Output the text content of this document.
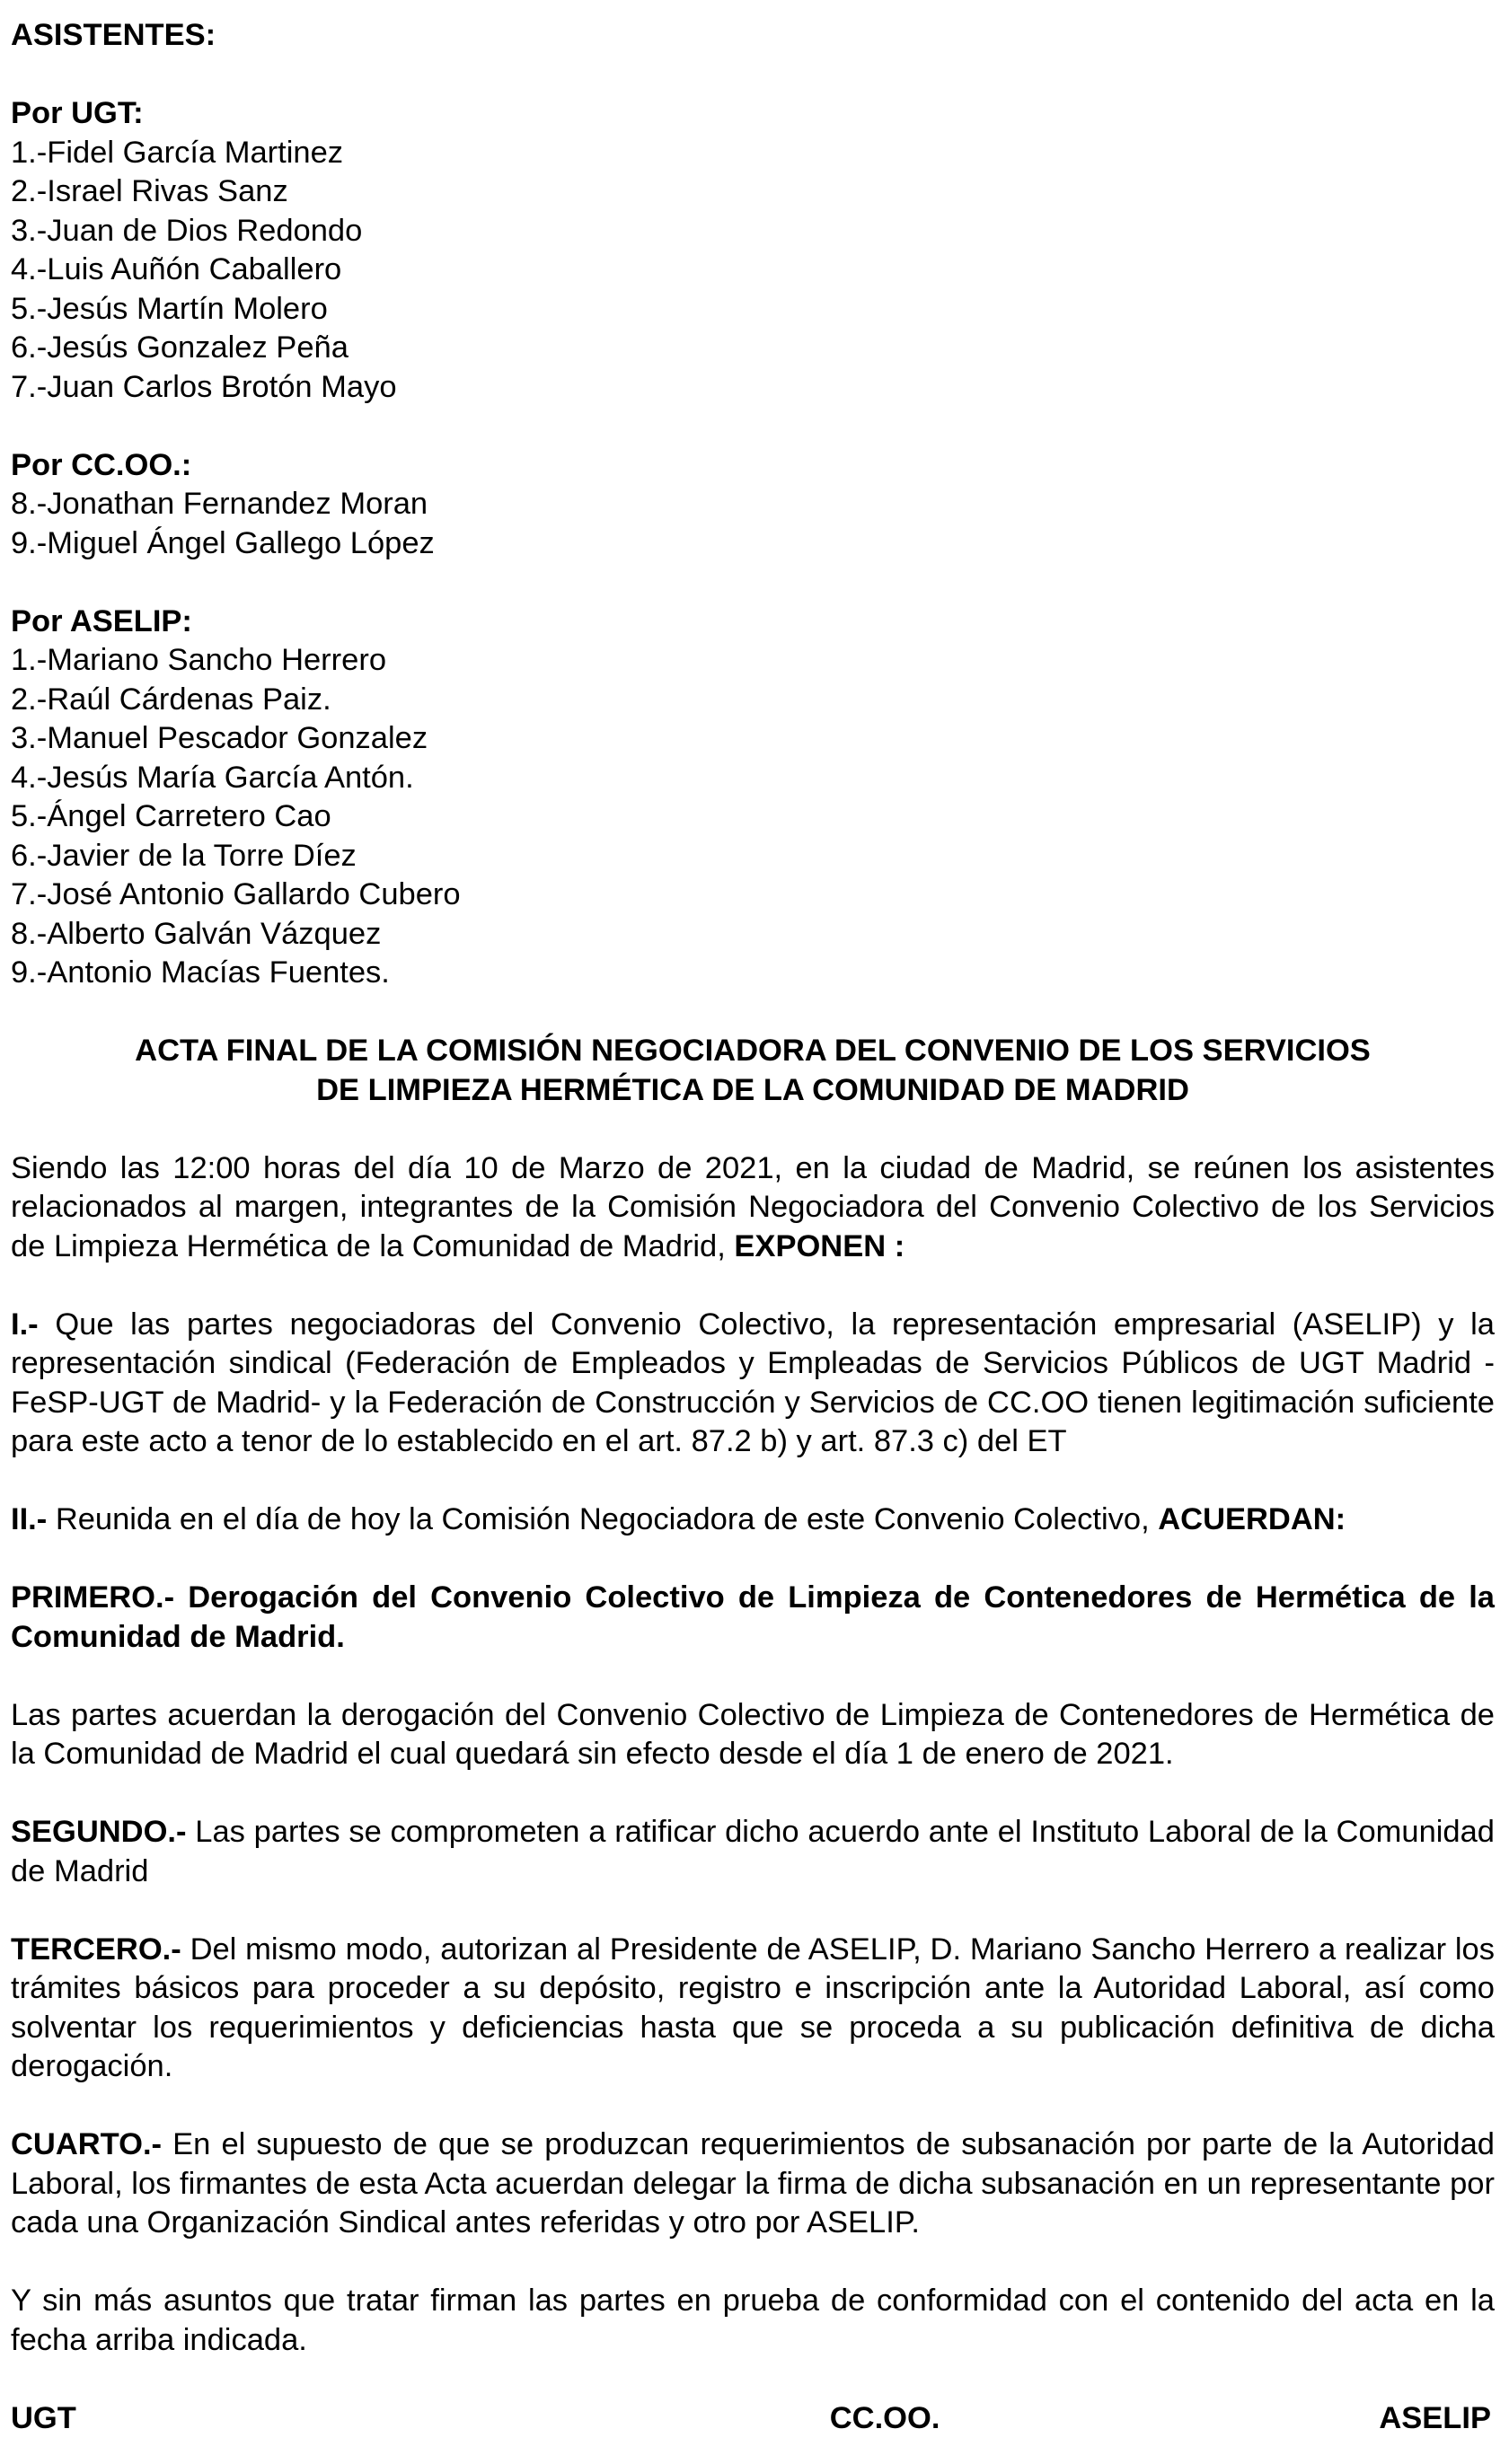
ASISTENTES:

Por UGT:

1.-Fidel García Martinez
2.-Israel Rivas Sanz
3.-Juan de Dios Redondo
4.-Luis Auñón Caballero
5.-Jesús Martín Molero
6.-Jesús Gonzalez Peña
7.-Juan Carlos Brotón Mayo

Por CC.OO.:

8.-Jonathan Fernandez Moran
9.-Miguel Ángel Gallego López

Por ASELIP:

1.-Mariano Sancho Herrero
2.-Raúl Cárdenas Paiz.
3.-Manuel Pescador Gonzalez
4.-Jesús María García Antón.
5.-Ángel Carretero Cao
6.-Javier de la Torre Díez
7.-José Antonio Gallardo Cubero
8.-Alberto Galván Vázquez
9.-Antonio Macías Fuentes.

ACTA FINAL DE LA COMISIÓN NEGOCIADORA DEL CONVENIO DE LOS SERVICIOS

DE LIMPIEZA HERMÉTICA DE LA COMUNIDAD DE MADRID

Siendo las 12:00 horas del día 10 de Marzo de 2021, en la ciudad de Madrid, se reúnen los asistentes relacionados al margen, integrantes de la Comisión Negociadora del Convenio Colectivo de los Servicios de Limpieza Hermética de la Comunidad de Madrid, EXPONEN :

I.- Que las partes negociadoras del Convenio Colectivo, la representación empresarial (ASELIP) y la representación sindical (Federación de Empleados y Empleadas de Servicios Públicos de UGT Madrid - FeSP-UGT de Madrid- y la Federación de Construcción y Servicios de CC.OO tienen legitimación suficiente para este acto a tenor de lo establecido en el art. 87.2 b) y art. 87.3 c) del ET

II.- Reunida en el día de hoy la Comisión Negociadora de este Convenio Colectivo, ACUERDAN:

PRIMERO.- Derogación del Convenio Colectivo de Limpieza de Contenedores de Hermética de la Comunidad de Madrid.

Las partes acuerdan la derogación del Convenio Colectivo de Limpieza de Contenedores de Hermética de la Comunidad de Madrid el cual quedará sin efecto desde el día 1 de enero de 2021.

SEGUNDO.- Las partes se comprometen a ratificar dicho acuerdo ante el Instituto Laboral de la Comunidad de Madrid

TERCERO.- Del mismo modo, autorizan al Presidente de ASELIP, D. Mariano Sancho Herrero a realizar los trámites básicos para proceder a su depósito, registro e inscripción ante la Autoridad Laboral, así como solventar los requerimientos y deficiencias hasta que se proceda a su publicación definitiva de dicha derogación.

CUARTO.- En el supuesto de que se produzcan requerimientos de subsanación por parte de la Autoridad Laboral, los firmantes de esta Acta acuerdan delegar la firma de dicha subsanación en un representante por cada una Organización Sindical antes referidas y otro por ASELIP.

Y sin más asuntos que tratar firman las partes en prueba de conformidad con el contenido del acta en la fecha arriba indicada.

UGT	CC.OO.	ASELIP
